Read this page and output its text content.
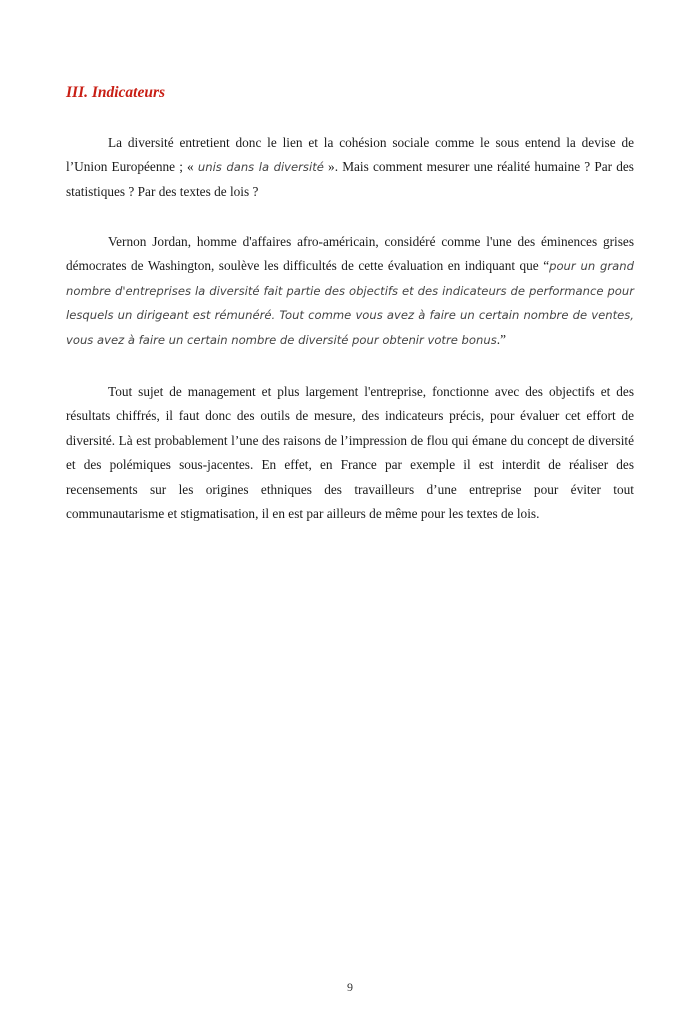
III. Indicateurs

La diversité entretient donc le lien et la cohésion sociale comme le sous entend la devise de l’Union Européenne ; « unis dans la diversité ». Mais comment mesurer une réalité humaine ? Par des statistiques ? Par des textes de lois ?

Vernon Jordan, homme d'affaires afro-américain, considéré comme l'une des éminences grises démocrates de Washington, soulève les difficultés de cette évaluation en indiquant que “pour un grand nombre d'entreprises la diversité fait partie des objectifs et des indicateurs de performance pour lesquels un dirigeant est rémunéré. Tout comme vous avez à faire un certain nombre de ventes, vous avez à faire un certain nombre de diversité pour obtenir votre bonus.”

Tout sujet de management et plus largement l'entreprise, fonctionne avec des objectifs et des résultats chiffrés, il faut donc des outils de mesure, des indicateurs précis, pour évaluer cet effort de diversité. Là est probablement l’une des raisons de l’impression de flou qui émane du concept de diversité et des polémiques sous-jacentes. En effet, en France par exemple il est interdit de réaliser des recensements sur les origines ethniques des travailleurs d’une entreprise pour éviter tout communautarisme et stigmatisation, il en est par ailleurs de même pour les textes de lois.

9
